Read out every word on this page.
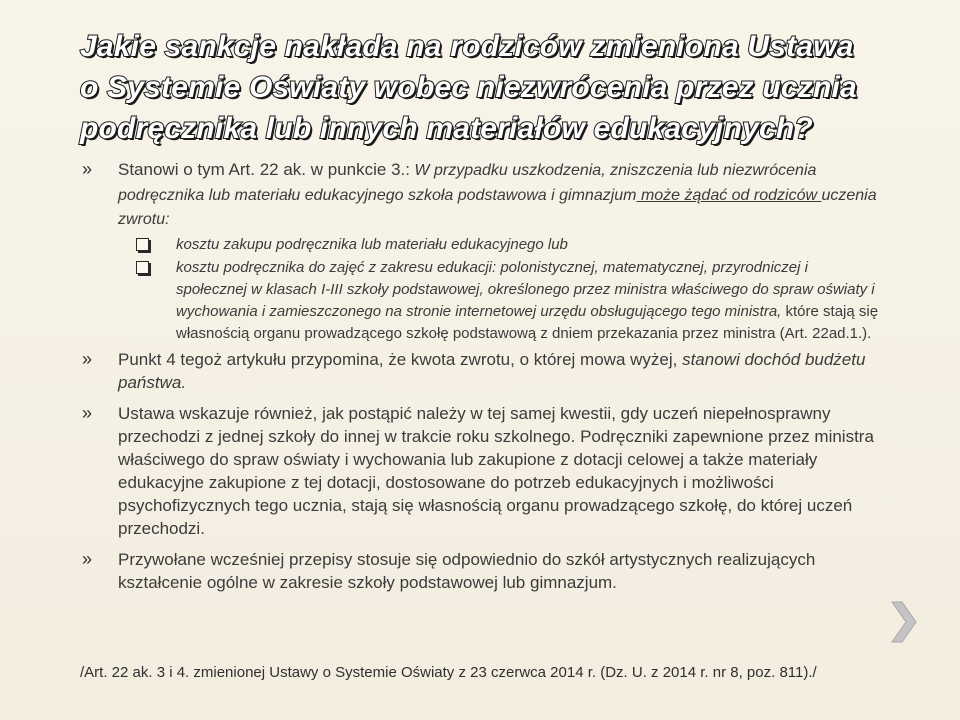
Jakie sankcje nakłada na rodziców zmieniona Ustawa
o Systemie Oświaty wobec niezwrócenia przez ucznia
podręcznika lub innych materiałów edukacyjnych?
» Stanowi o tym Art. 22 ak. w punkcie 3.: W przypadku uszkodzenia, zniszczenia lub niezwrócenia podręcznika lub materiału edukacyjnego szkoła podstawowa i gimnazjum może żądać od rodziców uczenia zwrotu:
kosztu zakupu podręcznika lub materiału edukacyjnego lub
kosztu podręcznika do zajęć z zakresu edukacji: polonistycznej, matematycznej, przyrodniczej i społecznej w klasach I-III szkoły podstawowej, określonego przez ministra właściwego do spraw oświaty i wychowania i zamieszczonego na stronie internetowej urzędu obsługującego tego ministra, które stają się własnością organu prowadzącego szkołę podstawową z dniem przekazania przez ministra (Art. 22ad.1.).
» Punkt 4 tegoż artykułu przypomina, że kwota zwrotu, o której mowa wyżej, stanowi dochód budżetu państwa.
» Ustawa wskazuje również, jak postąpić należy w tej samej kwestii, gdy uczeń niepełnosprawny przechodzi z jednej szkoły do innej w trakcie roku szkolnego. Podręczniki zapewnione przez ministra właściwego do spraw oświaty i wychowania lub zakupione z dotacji celowej a także materiały edukacyjne zakupione z tej dotacji, dostosowane do potrzeb edukacyjnych i możliwości psychofizycznych tego ucznia, stają się własnością organu prowadzącego szkołę, do której uczeń przechodzi.
» Przywołane wcześniej przepisy stosuje się odpowiednio do szkół artystycznych realizujących kształcenie ogólne w zakresie szkoły podstawowej lub gimnazjum.
/Art. 22 ak. 3 i 4. zmienionej Ustawy o Systemie Oświaty z 23 czerwca 2014 r. (Dz. U. z 2014 r. nr 8, poz. 811)./
